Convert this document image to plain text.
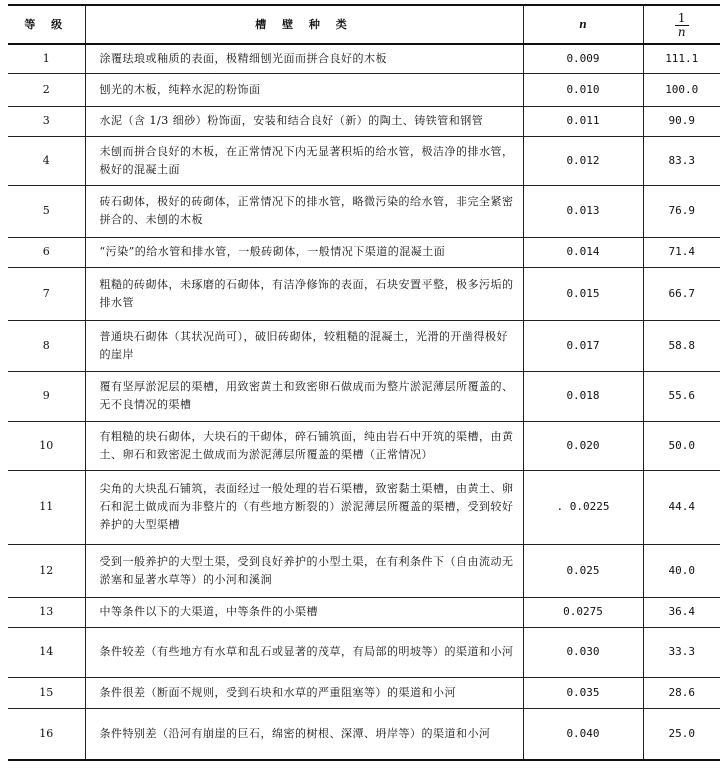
等 级	槽 壁 种 类	n	$\frac{1}{n}$

1	涂覆珐琅或釉质的表面，极精细刨光面而拼合良好的木板	0.009	111.1
2	刨光的木板，纯粹水泥的粉饰面	0.010	100.0
3	水泥（含 1/3 细砂）粉饰面，安装和结合良好（新）的陶土、铸铁管和钢管	0.011	90.9
4	未刨而拼合良好的木板，在正常情况下内无显著积垢的给水管，极洁净的排水管，极好的混凝土面	0.012	83.3
5	砖石砌体，极好的砖砌体，正常情况下的排水管，略微污染的给水管，非完全紧密拼合的、未刨的木板	0.013	76.9
6	“污染”的给水管和排水管，一般砖砌体，一般情况下渠道的混凝土面	0.014	71.4
7	粗糙的砖砌体，未琢磨的石砌体，有洁净修饰的表面，石块安置平整，极多污垢的排水管	0.015	66.7
8	普通块石砌体（其状况尚可），破旧砖砌体，较粗糙的混凝土，光滑的开凿得极好的崖岸	0.017	58.8
9	覆有坚厚淤泥层的渠槽，用致密黄土和致密卵石做成而为整片淤泥薄层所覆盖的、无不良情况的渠槽	0.018	55.6
10	有粗糙的块石砌体，大块石的干砌体，碎石铺筑面，纯由岩石中开筑的渠槽，由黄土、卵石和致密泥土做成而为淤泥薄层所覆盖的渠槽（正常情况）	0.020	50.0
11	尖角的大块乱石铺筑，表面经过一般处理的岩石渠槽，致密黏土渠槽，由黄土、卵石和泥土做成而为非整片的（有些地方断裂的）淤泥薄层所覆盖的渠槽，受到较好养护的大型渠槽	. 0.0225	44.4
12	受到一般养护的大型土渠，受到良好养护的小型土渠，在有利条件下（自由流动无淤塞和显著水草等）的小河和溪涧	0.025	40.0
13	中等条件以下的大渠道，中等条件的小渠槽	0.0275	36.4
14	条件较差（有些地方有水草和乱石或显著的茂草，有局部的明坡等）的渠道和小河	0.030	33.3
15	条件很差（断面不规则，受到石块和水草的严重阻塞等）的渠道和小河	0.035	28.6
16	条件特别差（沿河有崩崖的巨石，绵密的树根、深潭、坍岸等）的渠道和小河	0.040	25.0
